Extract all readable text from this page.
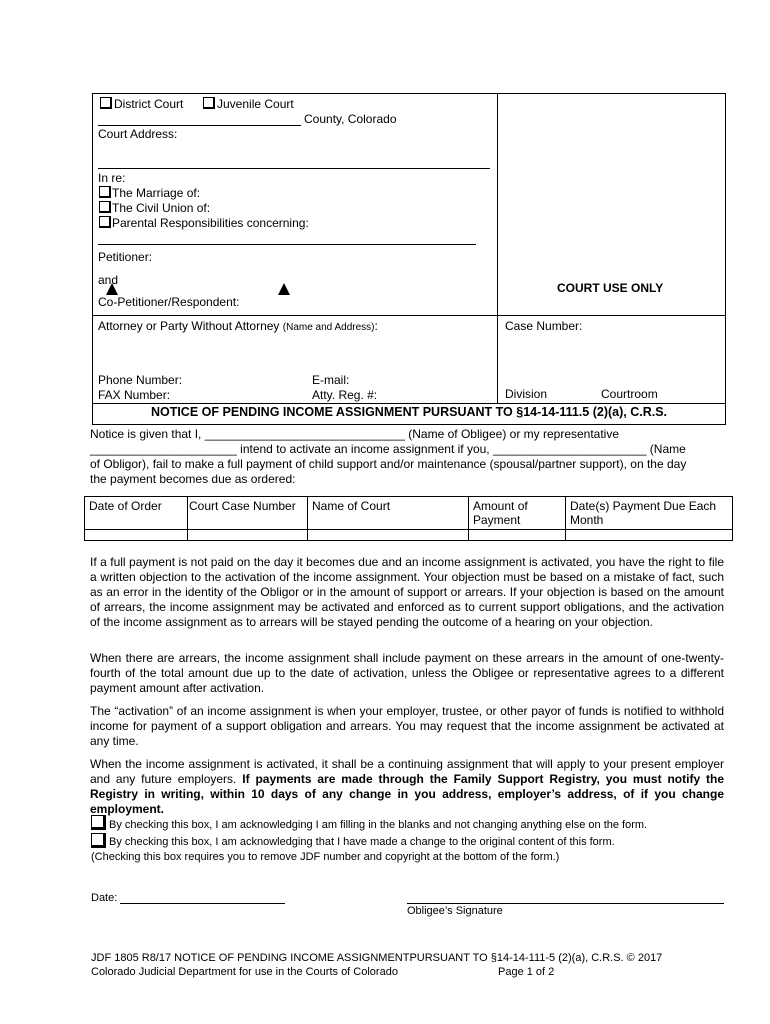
District Court	Juvenile Court
County, Colorado
Court Address:
In re:
The Marriage of:
The Civil Union of:
Parental Responsibilities concerning:
Petitioner:
and
Co-Petitioner/Respondent:
COURT USE ONLY
Attorney or Party Without Attorney (Name and Address):
Phone Number:	E-mail:
FAX Number:	Atty. Reg. #:
Case Number:
Division	Courtroom
NOTICE OF PENDING INCOME ASSIGNMENT PURSUANT TO §14-14-111.5 (2)(a), C.R.S.
Notice is given that I, ______________________________ (Name of Obligee) or my representative
______________________ intend to activate an income assignment if you, _______________________ (Name
of Obligor), fail to make a full payment of child support and/or maintenance (spousal/partner support), on the day
the payment becomes due as ordered:
Date of Order	Court Case Number	Name of Court	Amount of Payment	Date(s) Payment Due Each Month

If a full payment is not paid on the day it becomes due and an income assignment is activated, you have the right to file a written objection to the activation of the income assignment. Your objection must be based on a mistake of fact, such as an error in the identity of the Obligor or in the amount of support or arrears. If your objection is based on the amount of arrears, the income assignment may be activated and enforced as to current support obligations, and the activation of the income assignment as to arrears will be stayed pending the outcome of a hearing on your objection.
When there are arrears, the income assignment shall include payment on these arrears in the amount of one-twenty-fourth of the total amount due up to the date of activation, unless the Obligee or representative agrees to a different payment amount after activation.
The “activation” of an income assignment is when your employer, trustee, or other payor of funds is notified to withhold income for payment of a support obligation and arrears. You may request that the income assignment be activated at any time.
When the income assignment is activated, it shall be a continuing assignment that will apply to your present employer and any future employers. If payments are made through the Family Support Registry, you must notify the Registry in writing, within 10 days of any change in you address, employer’s address, of if you change employment.
By checking this box, I am acknowledging I am filling in the blanks and not changing anything else on the form.
By checking this box, I am acknowledging that I have made a change to the original content of this form.
(Checking this box requires you to remove JDF number and copyright at the bottom of the form.)
Date:
Obligee’s Signature
JDF 1805 R8/17 NOTICE OF PENDING INCOME ASSIGNMENTPURSUANT TO §14-14-111-5 (2)(a), C.R.S. © 2017
Colorado Judicial Department for use in the Courts of Colorado	Page 1 of 2
